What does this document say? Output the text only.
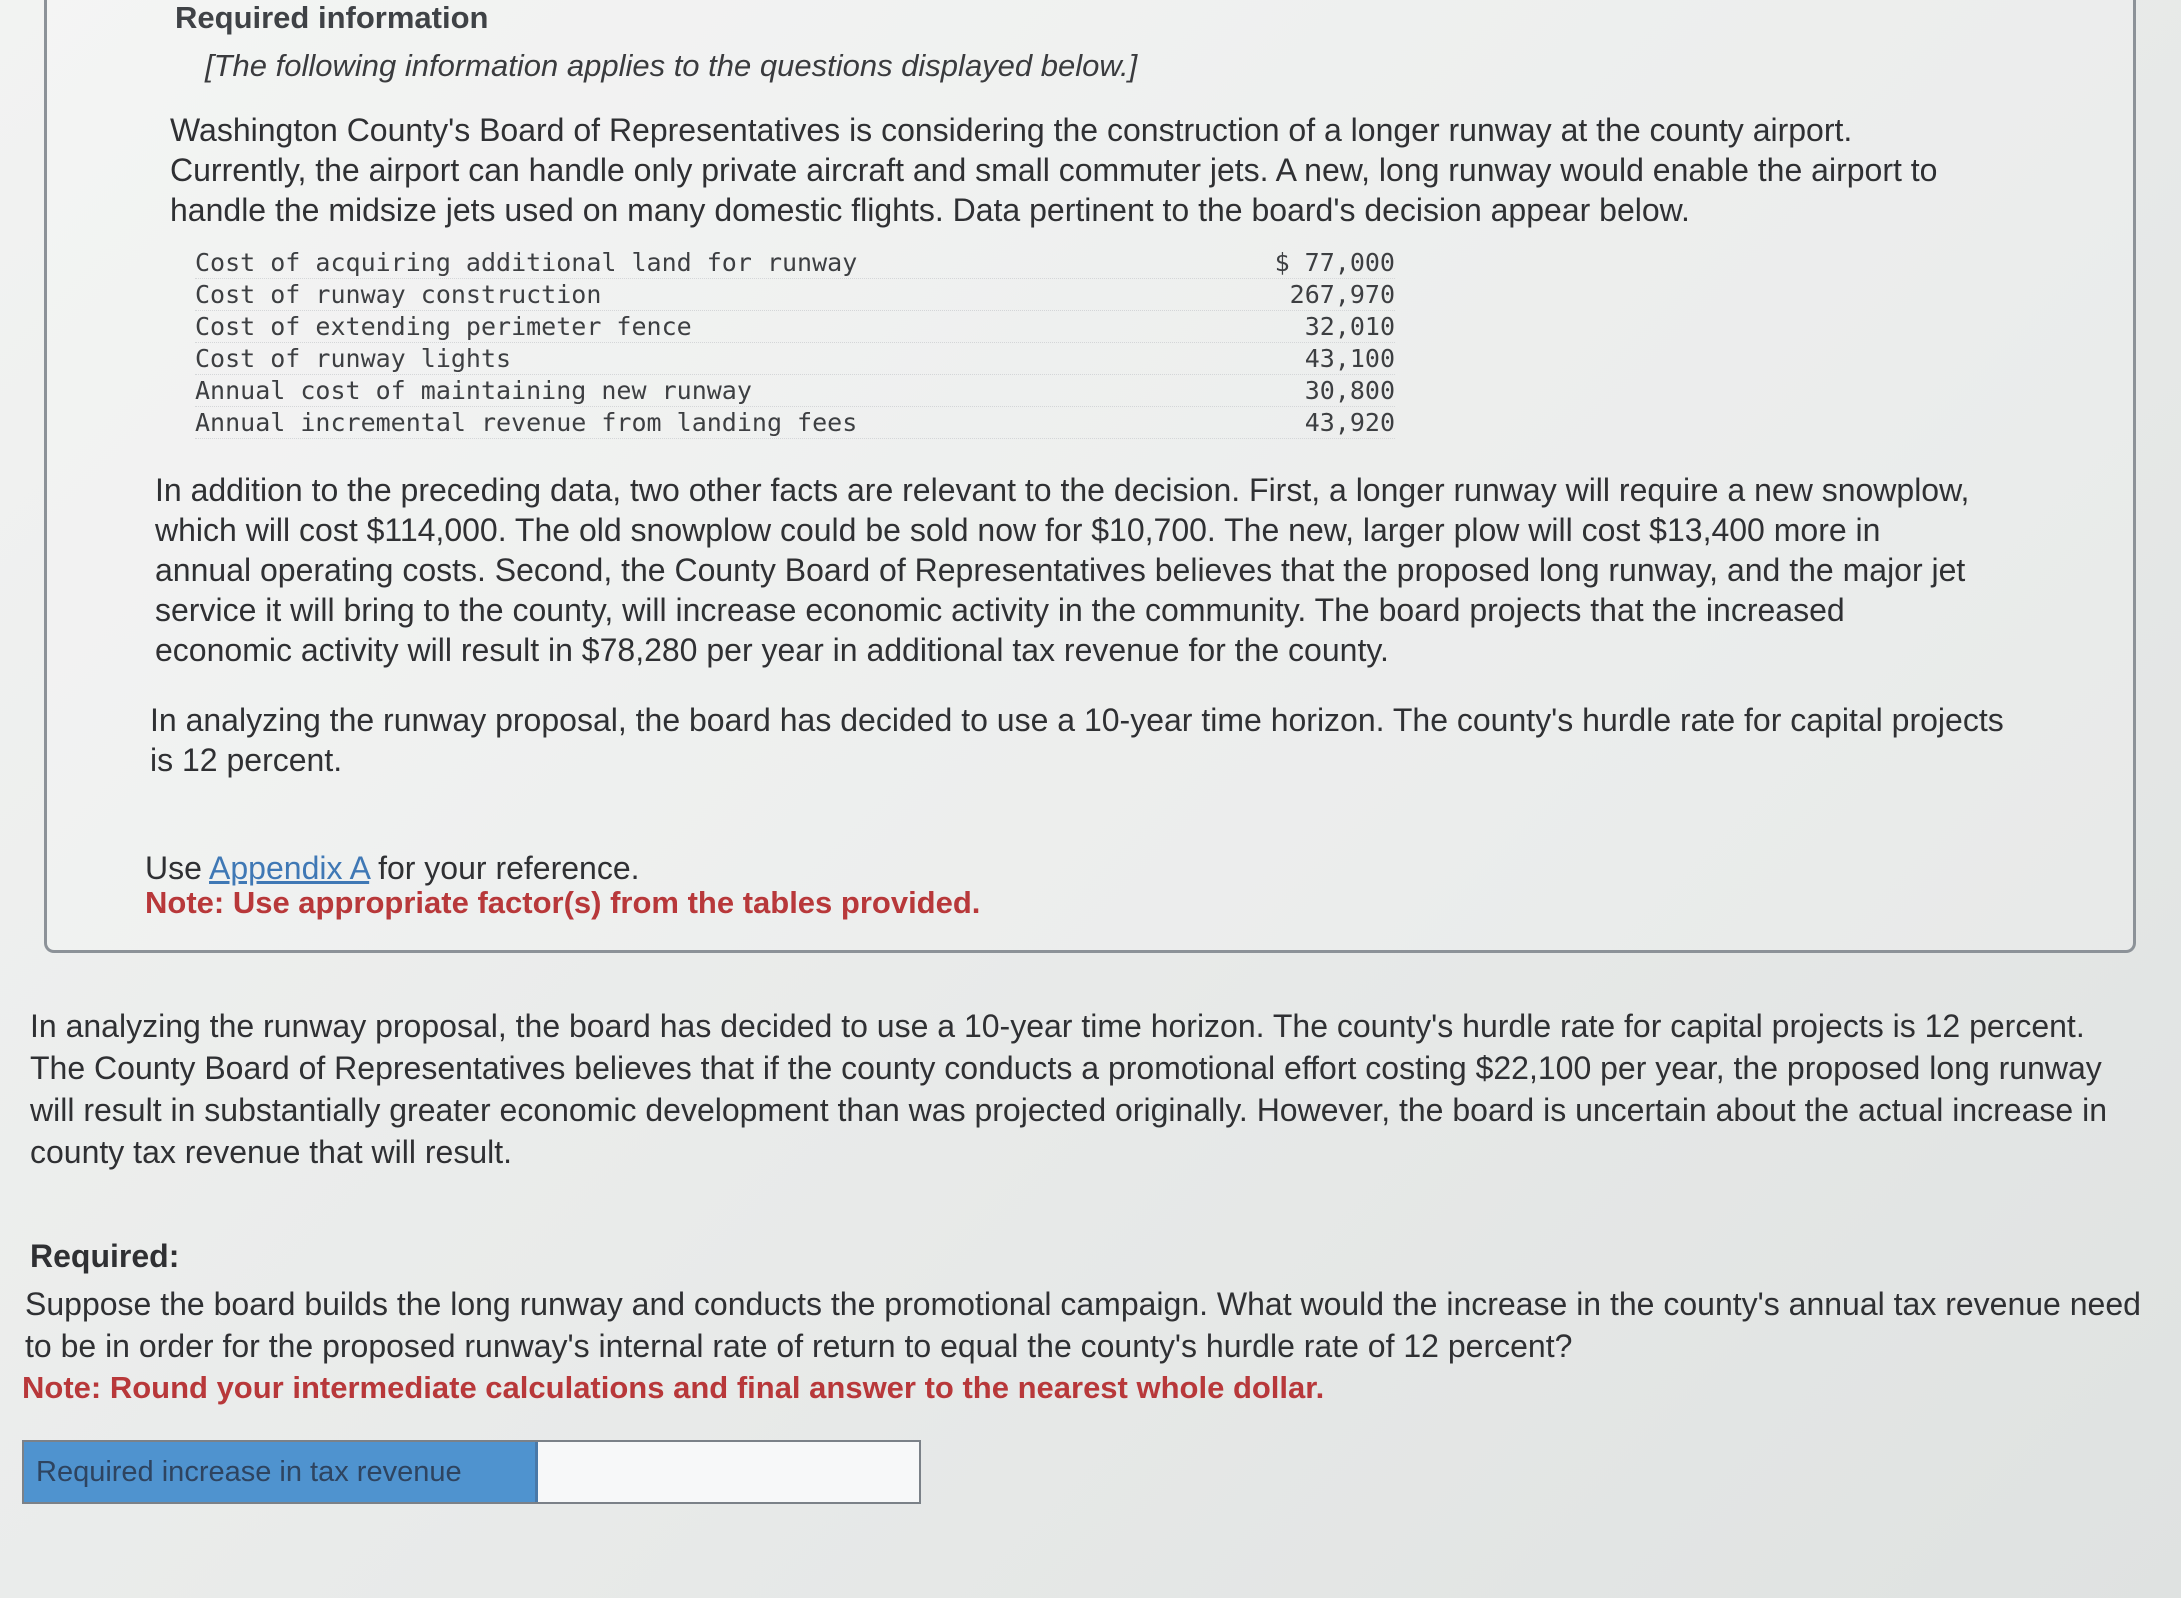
Required information
[The following information applies to the questions displayed below.]
Washington County's Board of Representatives is considering the construction of a longer runway at the county airport. Currently, the airport can handle only private aircraft and small commuter jets. A new, long runway would enable the airport to handle the midsize jets used on many domestic flights. Data pertinent to the board's decision appear below.
Cost of acquiring additional land for runway	$ 77,000
Cost of runway construction	267,970
Cost of extending perimeter fence	32,010
Cost of runway lights	43,100
Annual cost of maintaining new runway	30,800
Annual incremental revenue from landing fees	43,920
In addition to the preceding data, two other facts are relevant to the decision. First, a longer runway will require a new snowplow, which will cost $114,000. The old snowplow could be sold now for $10,700. The new, larger plow will cost $13,400 more in annual operating costs. Second, the County Board of Representatives believes that the proposed long runway, and the major jet service it will bring to the county, will increase economic activity in the community. The board projects that the increased economic activity will result in $78,280 per year in additional tax revenue for the county.
In analyzing the runway proposal, the board has decided to use a 10-year time horizon. The county's hurdle rate for capital projects is 12 percent.
Use Appendix A for your reference.
Note: Use appropriate factor(s) from the tables provided.
In analyzing the runway proposal, the board has decided to use a 10-year time horizon. The county's hurdle rate for capital projects is 12 percent. The County Board of Representatives believes that if the county conducts a promotional effort costing $22,100 per year, the proposed long runway will result in substantially greater economic development than was projected originally. However, the board is uncertain about the actual increase in county tax revenue that will result.
Required:
Suppose the board builds the long runway and conducts the promotional campaign. What would the increase in the county's annual tax revenue need to be in order for the proposed runway's internal rate of return to equal the county's hurdle rate of 12 percent?
Note: Round your intermediate calculations and final answer to the nearest whole dollar.
Required increase in tax revenue
